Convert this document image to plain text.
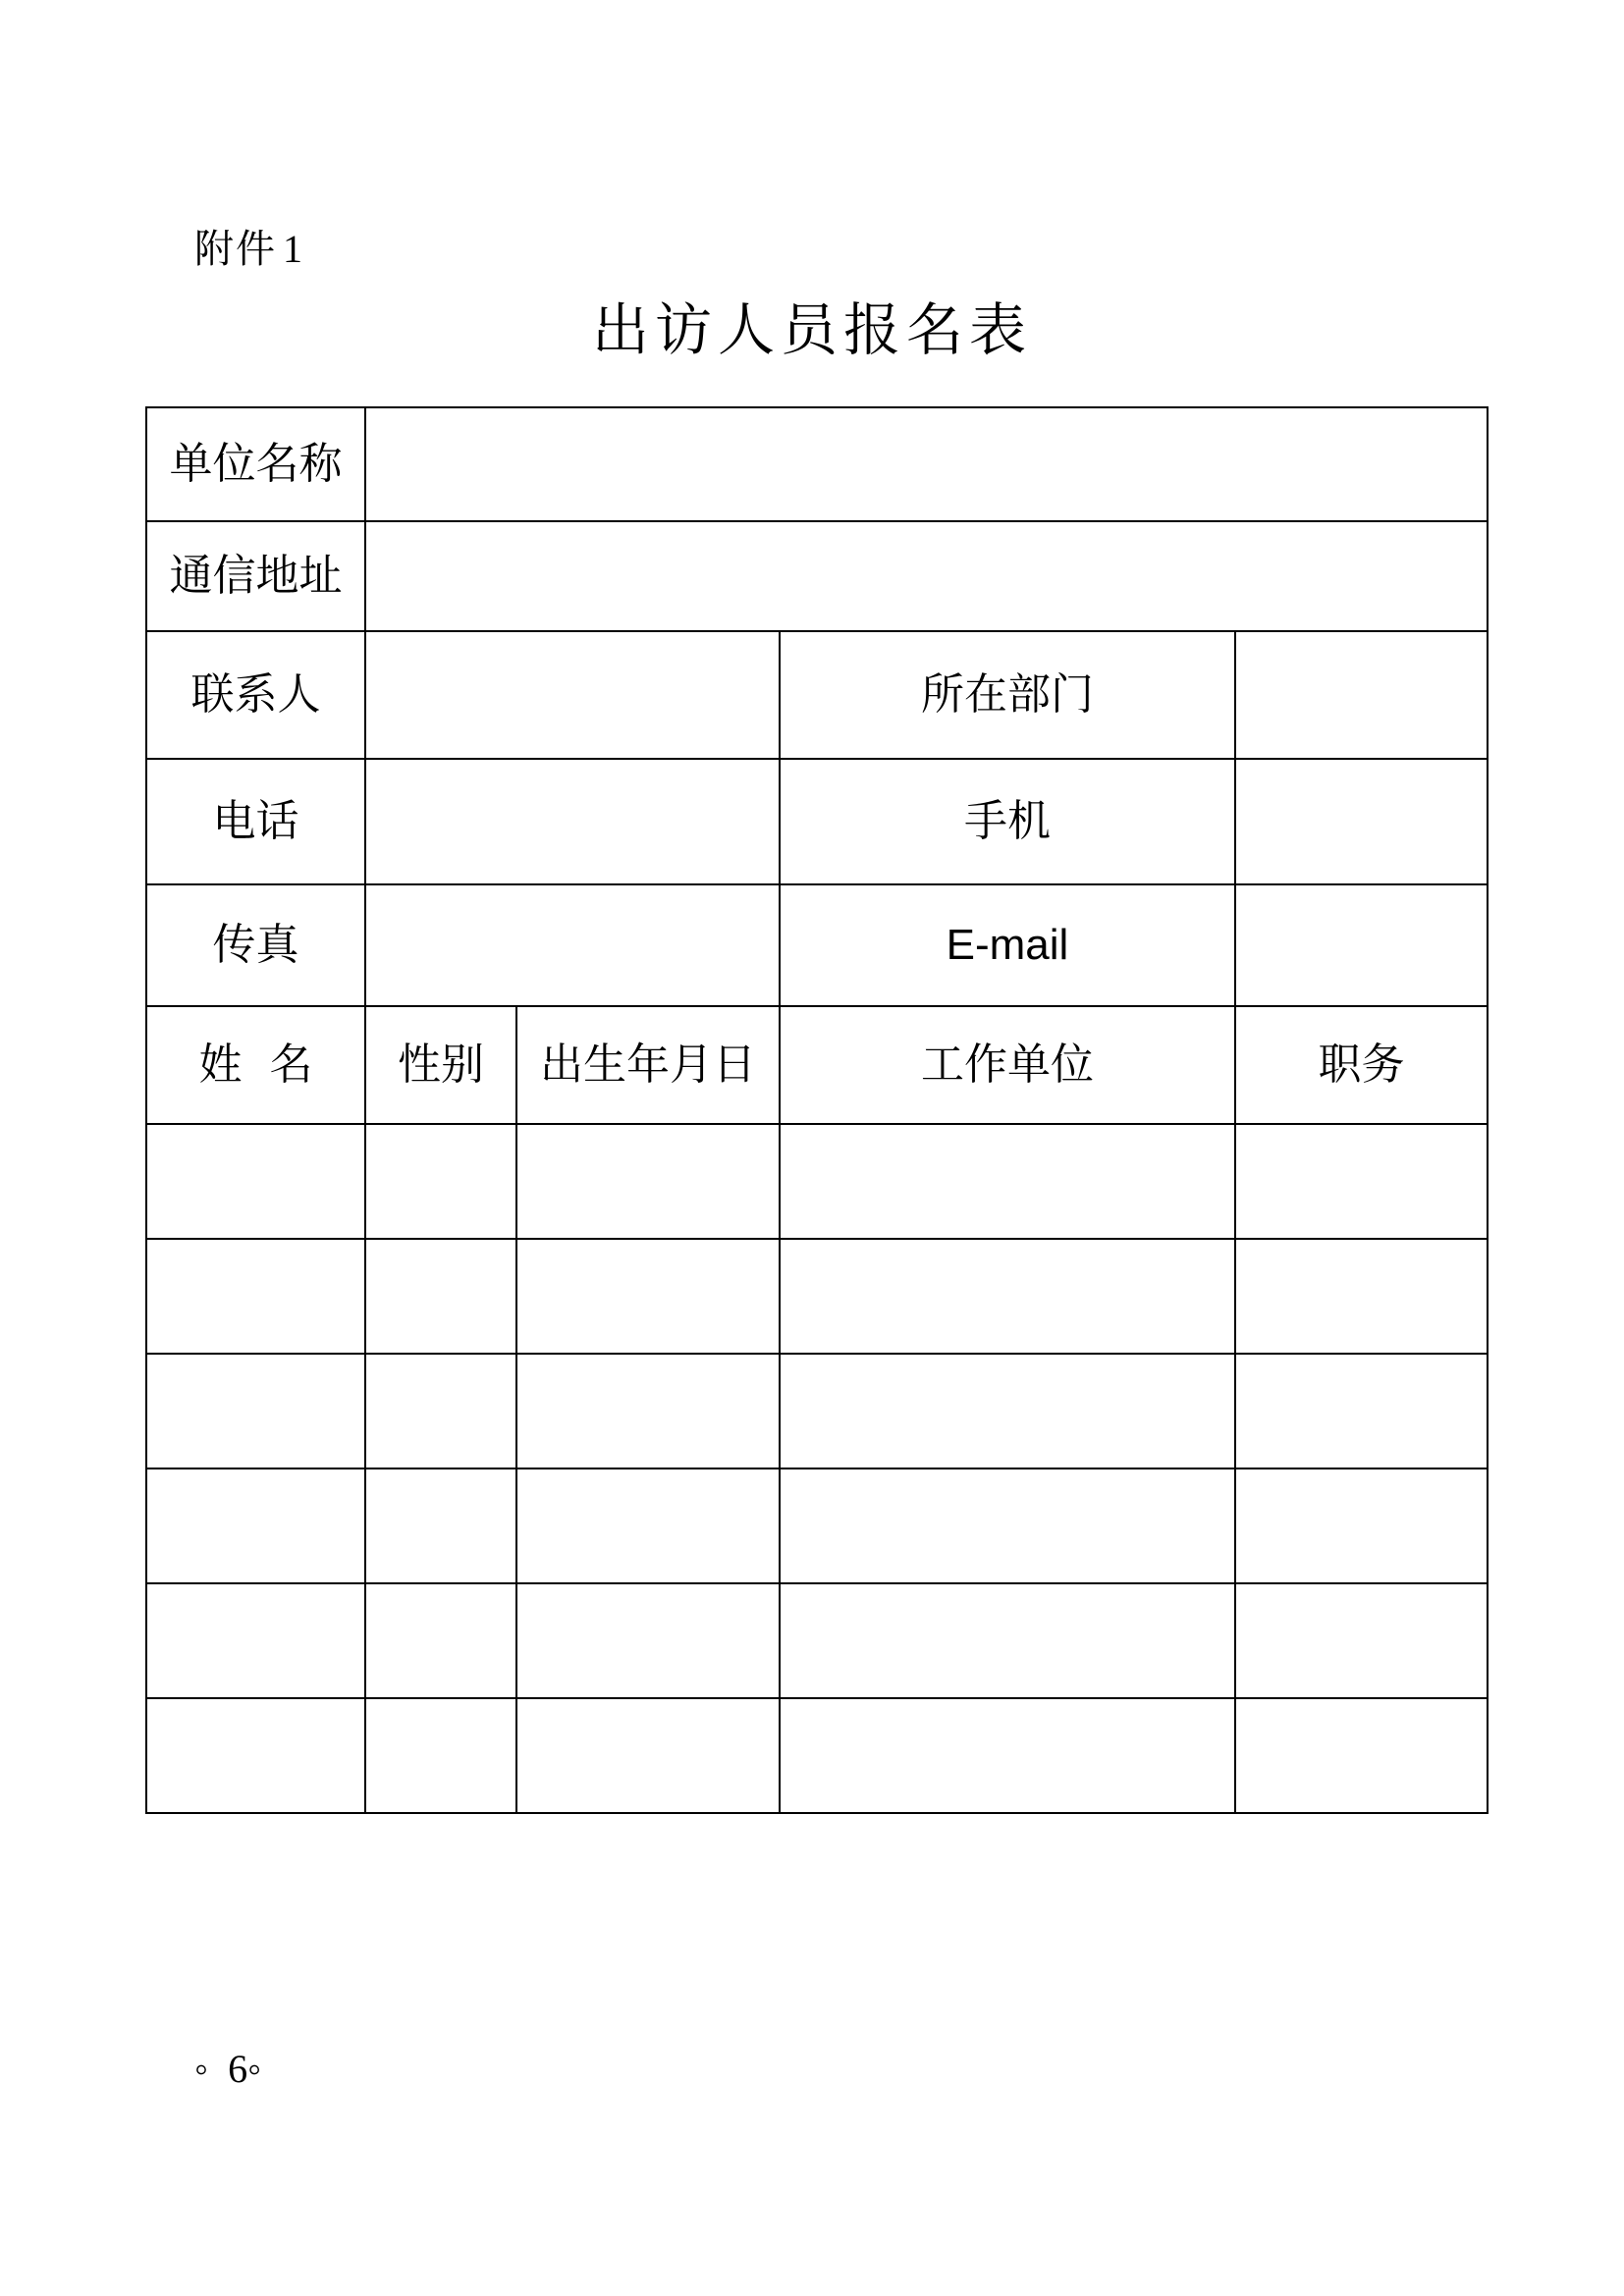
附件 1
出访人员报名表
单位名称				
通信地址				
联系人			所在部门	
电话			手机	
传真			E-mail	
姓  名	性别	出生年月日	工作单位	职务

◦  6◦
